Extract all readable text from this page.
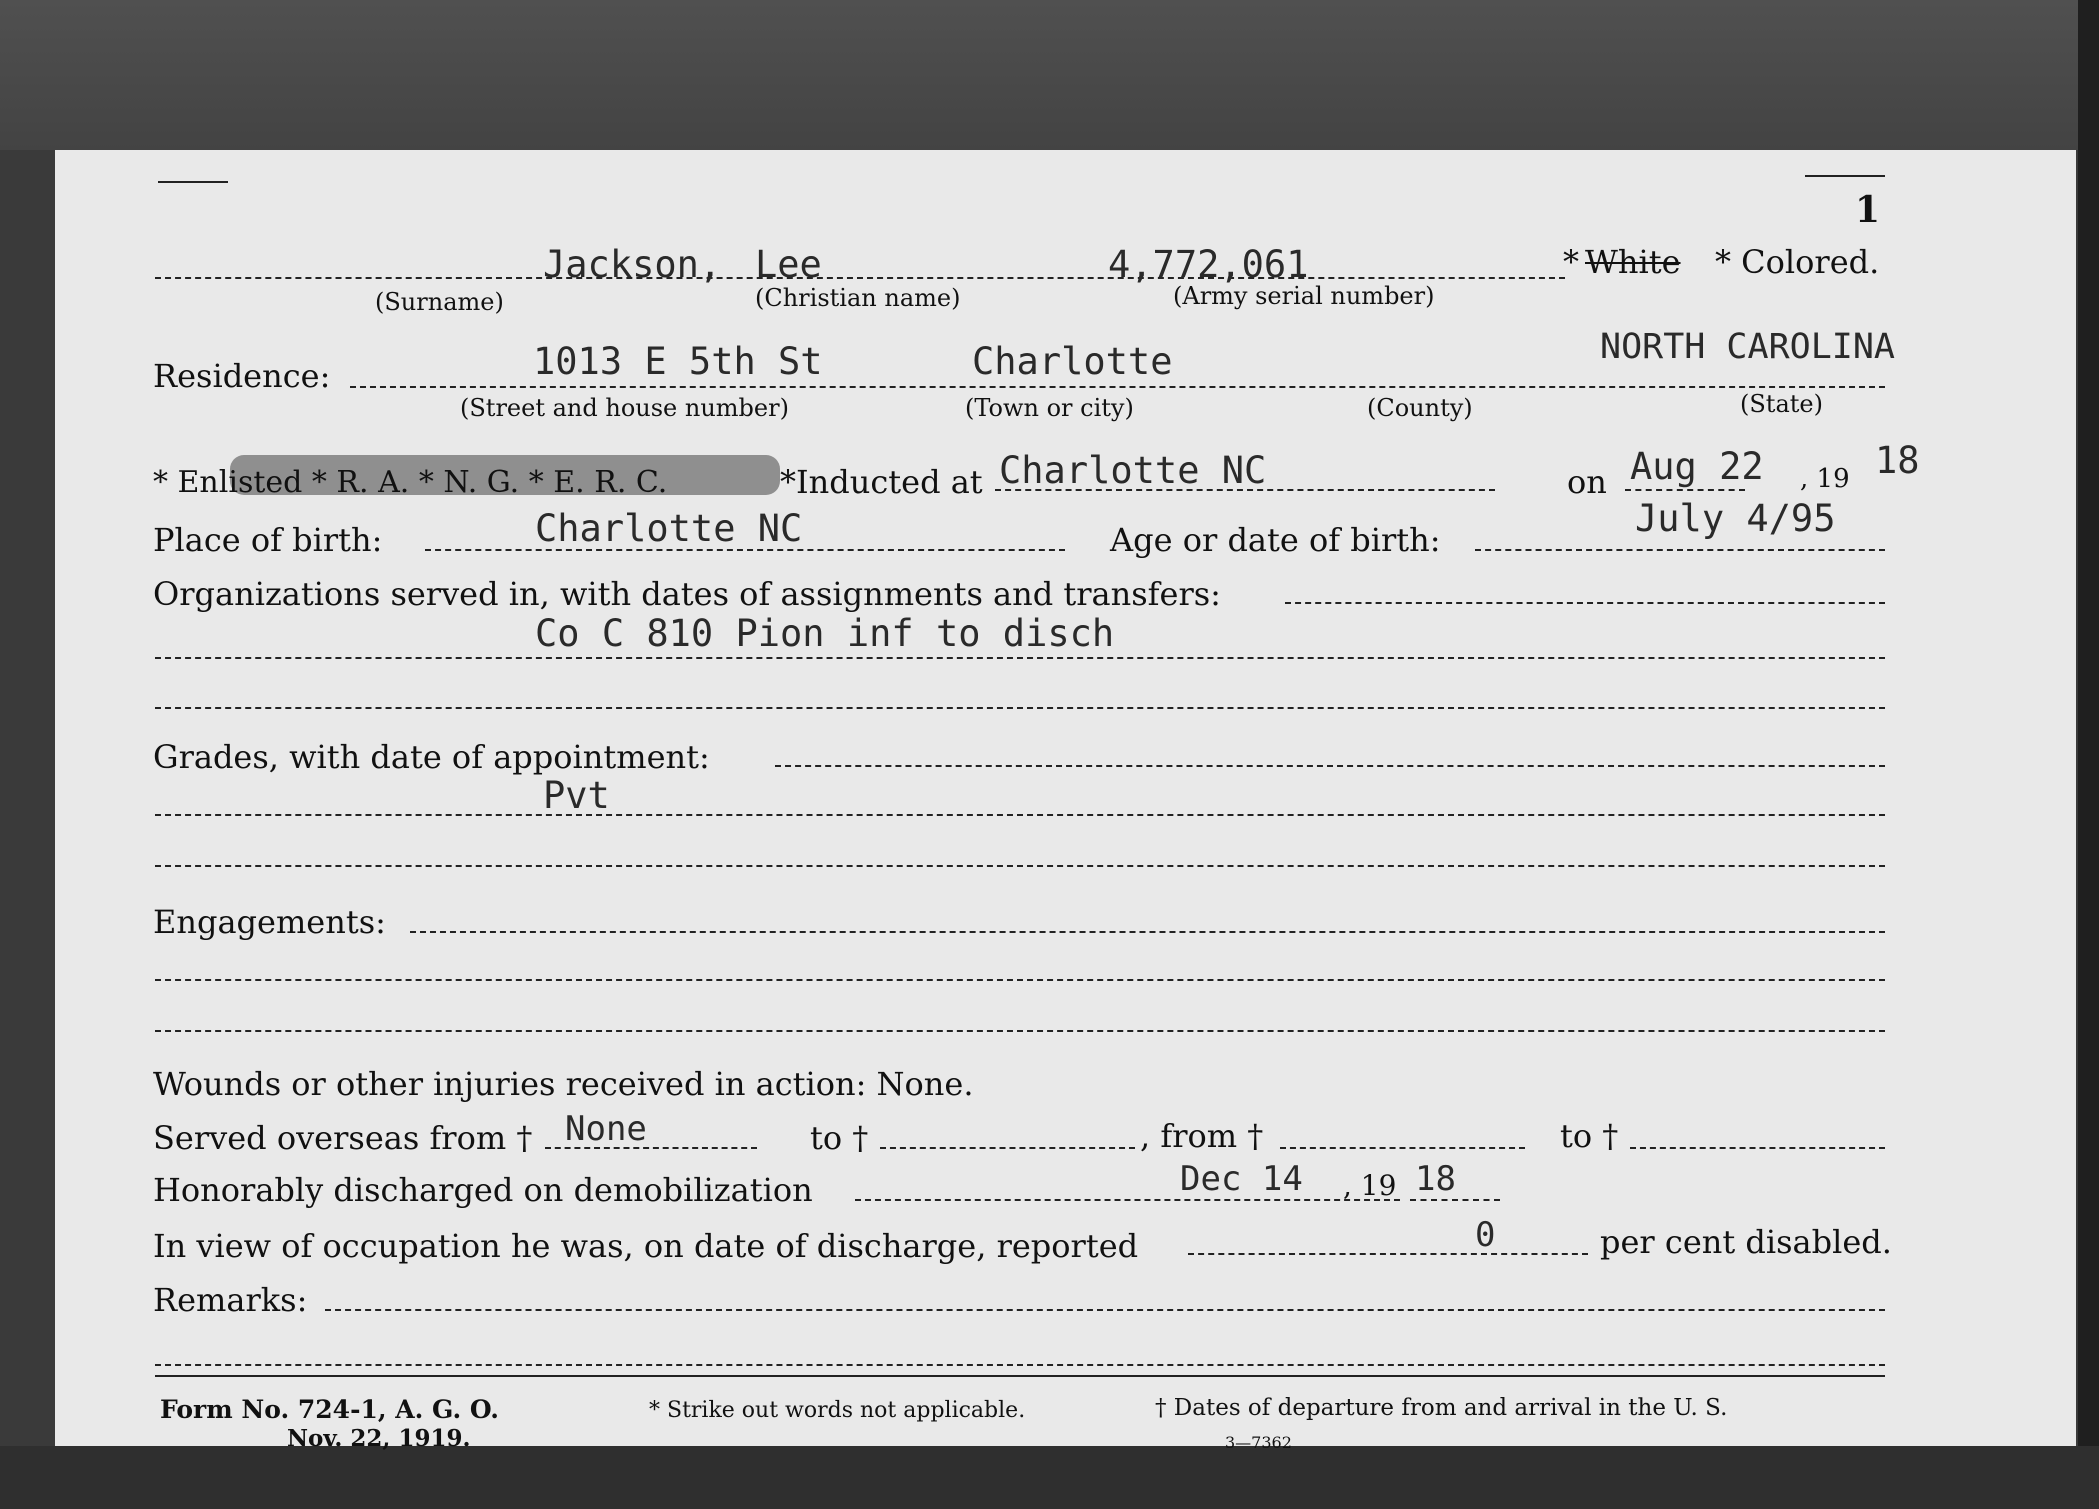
1
Jackson, Lee	4,772,061
(Surname)	(Christian name)	(Army serial number)
* White * Colored.
Residence:	1013 E 5th St	Charlotte	NORTH CAROLINA
(Street and house number)	(Town or city)	(County)	(State)
* Enlisted * R. A. * N. G. * E. R. C.	*Inducted at Charlotte NC	on Aug 22 , 19 18
Place of birth:	Charlotte NC	Age or date of birth:	July 4/95
Organizations served in, with dates of assignments and transfers:
Co C 810 Pion inf to disch
Grades, with date of appointment:
Pvt
Engagements:
Wounds or other injuries received in action: None.
Served overseas from † None	to †	, from †	to †
Honorably discharged on demobilization	Dec 14 , 19 18
In view of occupation he was, on date of discharge, reported	0	per cent disabled.
Remarks:
Form No. 724-1, A. G. O.
Nov. 22, 1919.
* Strike out words not applicable.	† Dates of departure from and arrival in the U. S.
3—7362
